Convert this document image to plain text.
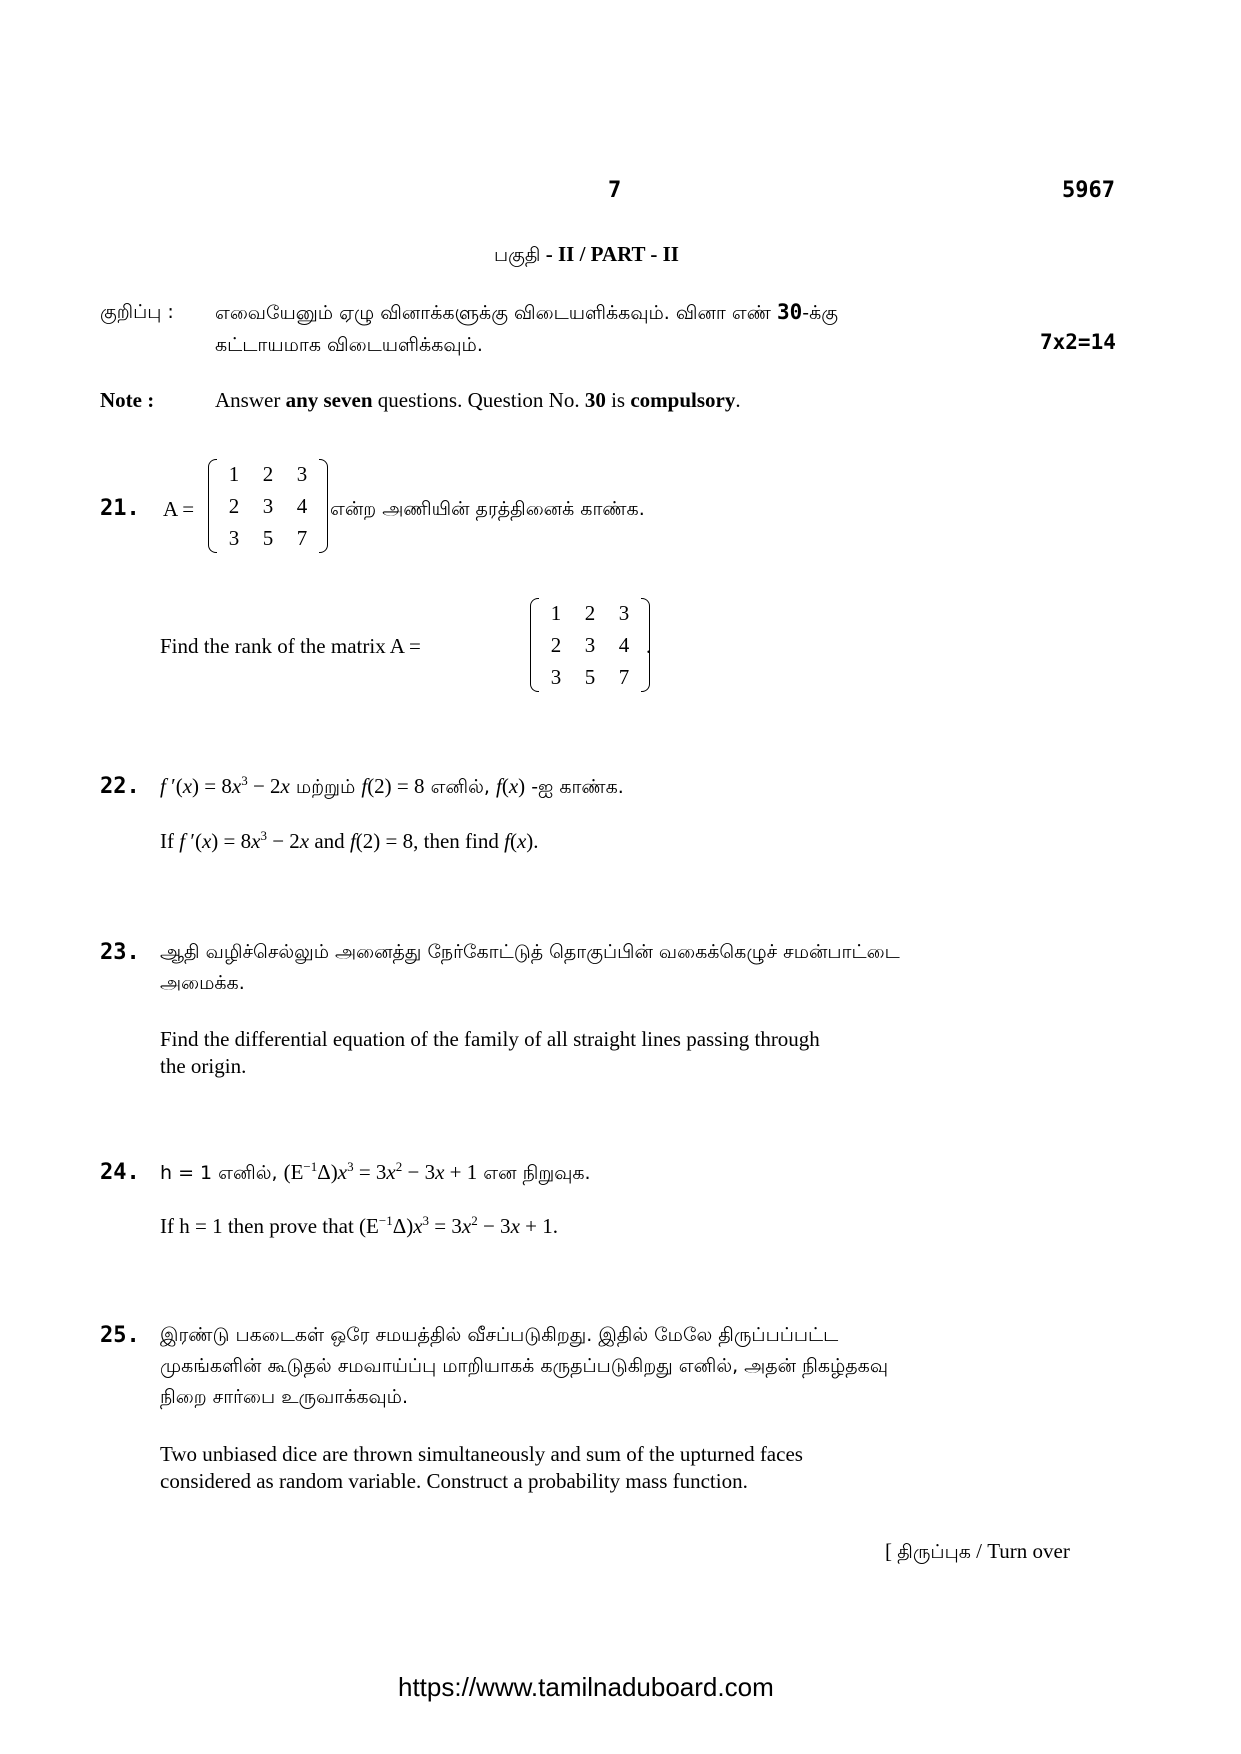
7	5967
பகுதி - II / PART - II
குறிப்பு : எவையேனும் ஏழு வினாக்களுக்கு விடையளிக்கவும். வினா எண் 30-க்கு
கட்டாயமாக விடையளிக்கவும்.	7x2=14
Note :	Answer any seven questions. Question No. 30 is compulsory.
21. A =
1	2	3
2	3	4
3	5	7
என்ற அணியின் தரத்தினைக் காண்க.
Find the rank of the matrix A =
1	2	3
2	3	4
3	5	7
.
22. f $'(x) = 8x^3 - 2x$ மற்றும் f(2) = 8 எனில், f(x) -ஐ காண்க.
If f $'(x) = 8x^3 - 2x$ and f(2) = 8, then find f(x).
23. ஆதி வழிச்செல்லும் அனைத்து நேர்கோட்டுத் தொகுப்பின் வகைக்கெழுச் சமன்பாட்டை
அமைக்க.
Find the differential equation of the family of all straight lines passing through
the origin.
24. h = 1 எனில், $(E^{-1}\Delta)x^3 = 3x^2 - 3x + 1$ என நிறுவுக.
If h = 1 then prove that $(E^{-1}\Delta)x^3 = 3x^2 - 3x + 1$.
25. இரண்டு பகடைகள் ஒரே சமயத்தில் வீசப்படுகிறது. இதில் மேலே திருப்பப்பட்ட
முகங்களின் கூடுதல் சமவாய்ப்பு மாறியாகக் கருதப்படுகிறது எனில், அதன் நிகழ்தகவு
நிறை சார்பை உருவாக்கவும்.
Two unbiased dice are thrown simultaneously and sum of the upturned faces
considered as random variable. Construct a probability mass function.
[ திருப்புக / Turn over
https://www.tamilnaduboard.com
